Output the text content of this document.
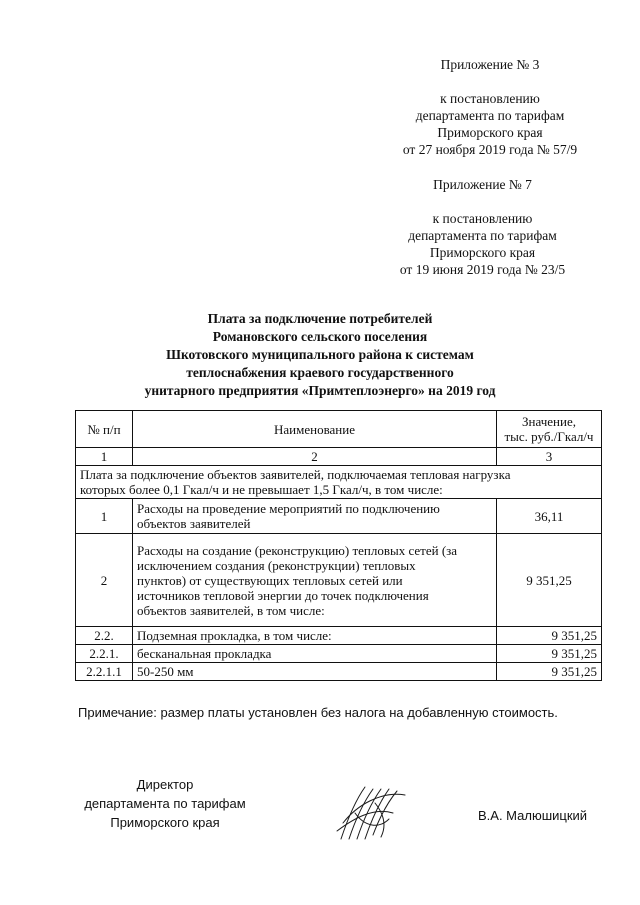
Приложение № 3
к постановлению
департамента по тарифам
Приморского края
от 27 ноября 2019 года № 57/9
Приложение № 7
к постановлению
департамента по тарифам
Приморского края
от 19 июня 2019 года № 23/5
Плата за подключение потребителей
Романовского сельского поселения
Шкотовского муниципального района к системам
теплоснабжения краевого государственного
унитарного предприятия «Примтеплоэнерго» на 2019 год
№ п/п	Наименование	Значение,
тыс. руб./Гкал/ч
1	2	3
Плата за подключение объектов заявителей, подключаемая тепловая нагрузка
которых более 0,1 Гкал/ч и не превышает 1,5 Гкал/ч, в том числе:		
1	Расходы на проведение мероприятий по подключению
объектов заявителей	36,11
2	Расходы на создание (реконструкцию) тепловых сетей (за
исключением создания (реконструкции) тепловых
пунктов) от существующих тепловых сетей или
источников тепловой энергии до точек подключения
объектов заявителей, в том числе:	9 351,25
2.2.	Подземная прокладка, в том числе:	9 351,25
2.2.1.	бесканальная прокладка	9 351,25
2.2.1.1	50-250 мм	9 351,25
Примечание: размер платы установлен без налога на добавленную стоимость.
Директор
департамента по тарифам
Приморского края	В.А. Малюшицкий
